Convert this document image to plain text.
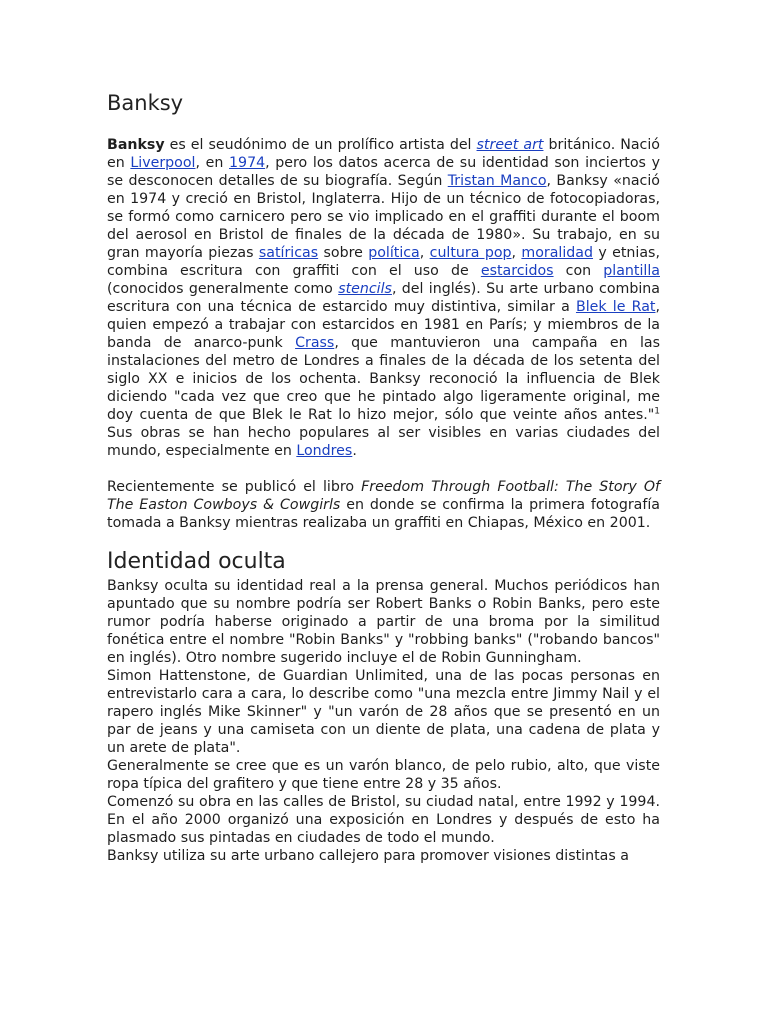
Banksy

Banksy es el seudónimo de un prolífico artista del street art británico. Nació en Liverpool, en 1974, pero los datos acerca de su identidad son inciertos y se desconocen detalles de su biografía. Según Tristan Manco, Banksy «nació en 1974 y creció en Bristol, Inglaterra. Hijo de un técnico de fotocopiadoras, se formó como carnicero pero se vio implicado en el graffiti durante el boom del aerosol en Bristol de finales de la década de 1980». Su trabajo, en su gran mayoría piezas satíricas sobre política, cultura pop, moralidad y etnias, combina escritura con graffiti con el uso de estarcidos con plantilla (conocidos generalmente como stencils, del inglés). Su arte urbano combina escritura con una técnica de estarcido muy distintiva, similar a Blek le Rat, quien empezó a trabajar con estarcidos en 1981 en París; y miembros de la banda de anarco-punk Crass, que mantuvieron una campaña en las instalaciones del metro de Londres a finales de la década de los setenta del siglo XX e inicios de los ochenta. Banksy reconoció la influencia de Blek diciendo "cada vez que creo que he pintado algo ligeramente original, me doy cuenta de que Blek le Rat lo hizo mejor, sólo que veinte años antes."$^1$ Sus obras se han hecho populares al ser visibles en varias ciudades del mundo, especialmente en Londres.

Recientemente se publicó el libro Freedom Through Football: The Story Of The Easton Cowboys & Cowgirls en donde se confirma la primera fotografía tomada a Banksy mientras realizaba un graffiti en Chiapas, México en 2001.

Identidad oculta

Banksy oculta su identidad real a la prensa general. Muchos periódicos han apuntado que su nombre podría ser Robert Banks o Robin Banks, pero este rumor podría haberse originado a partir de una broma por la similitud fonética entre el nombre "Robin Banks" y "robbing banks" ("robando bancos" en inglés). Otro nombre sugerido incluye el de Robin Gunningham.

Simon Hattenstone, de Guardian Unlimited, una de las pocas personas en entrevistarlo cara a cara, lo describe como "una mezcla entre Jimmy Nail y el rapero inglés Mike Skinner" y "un varón de 28 años que se presentó en un par de jeans y una camiseta con un diente de plata, una cadena de plata y un arete de plata".

Generalmente se cree que es un varón blanco, de pelo rubio, alto, que viste ropa típica del grafitero y que tiene entre 28 y 35 años.

Comenzó su obra en las calles de Bristol, su ciudad natal, entre 1992 y 1994. En el año 2000 organizó una exposición en Londres y después de esto ha plasmado sus pintadas en ciudades de todo el mundo.

Banksy utiliza su arte urbano callejero para promover visiones distintas a
